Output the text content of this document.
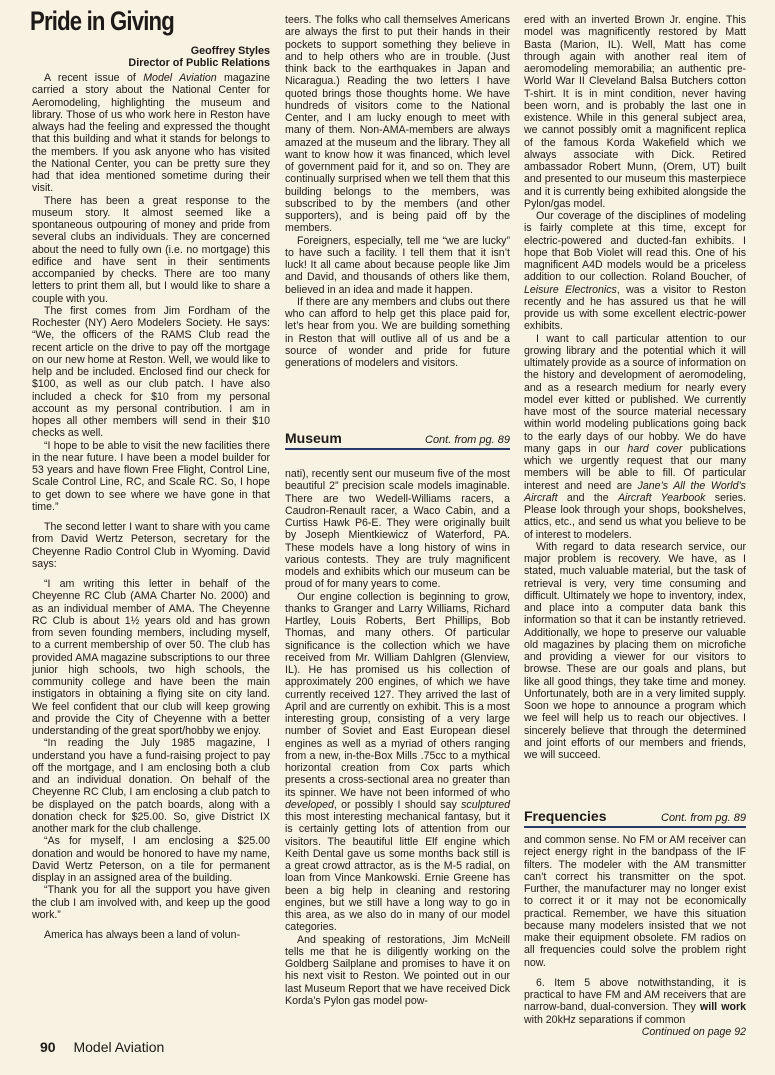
Pride in Giving
Geoffrey Styles
Director of Public Relations

A recent issue of Model Aviation magazine carried a story about the National Center for Aeromodeling, highlighting the museum and library. Those of us who work here in Reston have always had the feeling and expressed the thought that this building and what it stands for belongs to the members. If you ask anyone who has visited the National Center, you can be pretty sure they had that idea mentioned sometime during their visit.

There has been a great response to the museum story. It almost seemed like a spontaneous outpouring of money and pride from several clubs an individuals. They are concerned about the need to fully own (i.e. no mortgage) this edifice and have sent in their sentiments accompanied by checks. There are too many letters to print them all, but I would like to share a couple with you.

The first comes from Jim Fordham of the Rochester (NY) Aero Modelers Society. He says: “We, the officers of the RAMS Club read the recent article on the drive to pay off the mortgage on our new home at Reston. Well, we would like to help and be included. Enclosed find our check for $100, as well as our club patch. I have also included a check for $10 from my personal account as my personal contribution. I am in hopes all other members will send in their $10 checks as well.

“I hope to be able to visit the new facilities there in the near future. I have been a model builder for 53 years and have flown Free Flight, Control Line, Scale Control Line, RC, and Scale RC. So, I hope to get down to see where we have gone in that time.”

The second letter I want to share with you came from David Wertz Peterson, secretary for the Cheyenne Radio Control Club in Wyoming. David says:

“I am writing this letter in behalf of the Cheyenne RC Club (AMA Charter No. 2000) and as an individual member of AMA. The Cheyenne RC Club is about 1½ years old and has grown from seven founding members, including myself, to a current membership of over 50. The club has provided AMA magazine subscriptions to our three junior high schools, two high schools, the community college and have been the main instigators in obtaining a flying site on city land. We feel confident that our club will keep growing and provide the City of Cheyenne with a better understanding of the great sport/hobby we enjoy.

“In reading the July 1985 magazine, I understand you have a fund-raising project to pay off the mortgage, and I am enclosing both a club and an individual donation. On behalf of the Cheyenne RC Club, I am enclosing a club patch to be displayed on the patch boards, along with a donation check for $25.00. So, give District IX another mark for the club challenge.

“As for myself, I am enclosing a $25.00 donation and would be honored to have my name, David Wertz Peterson, on a tile for permanent display in an assigned area of the building.

“Thank you for all the support you have given the club I am involved with, and keep up the good work.”

America has always been a land of volun-

teers. The folks who call themselves Americans are always the first to put their hands in their pockets to support something they believe in and to help others who are in trouble. (Just think back to the earthquakes in Japan and Nicaragua.) Reading the two letters I have quoted brings those thoughts home. We have hundreds of visitors come to the National Center, and I am lucky enough to meet with many of them. Non-AMA-members are always amazed at the museum and the library. They all want to know how it was financed, which level of government paid for it, and so on. They are continually surprised when we tell them that this building belongs to the members, was subscribed to by the members (and other supporters), and is being paid off by the members.

Foreigners, especially, tell me “we are lucky” to have such a facility. I tell them that it isn’t luck! It all came about because people like Jim and David, and thousands of others like them, believed in an idea and made it happen.

If there are any members and clubs out there who can afford to help get this place paid for, let’s hear from you. We are building something in Reston that will outlive all of us and be a source of wonder and pride for future generations of modelers and visitors.

Museum	Cont. from pg. 89

nati), recently sent our museum five of the most beautiful 2” precision scale models imaginable. There are two Wedell-Williams racers, a Caudron-Renault racer, a Waco Cabin, and a Curtiss Hawk P6-E. They were originally built by Joseph Mientkiewicz of Waterford, PA. These models have a long history of wins in various contests. They are truly magnificent models and exhibits which our museum can be proud of for many years to come.

Our engine collection is beginning to grow, thanks to Granger and Larry Williams, Richard Hartley, Louis Roberts, Bert Phillips, Bob Thomas, and many others. Of particular significance is the collection which we have received from Mr. William Dahlgren (Glenview, IL). He has promised us his collection of approximately 200 engines, of which we have currently received 127. They arrived the last of April and are currently on exhibit. This is a most interesting group, consisting of a very large number of Soviet and East European diesel engines as well as a myriad of others ranging from a new, in-the-Box Mills .75cc to a mythical horizontal creation from Cox parts which presents a cross-sectional area no greater than its spinner. We have not been informed of who developed, or possibly I should say sculptured this most interesting mechanical fantasy, but it is certainly getting lots of attention from our visitors. The beautiful little Elf engine which Keith Dental gave us some months back still is a great crowd attractor, as is the M-5 radial, on loan from Vince Mankowski. Ernie Greene has been a big help in cleaning and restoring engines, but we still have a long way to go in this area, as we also do in many of our model categories.

And speaking of restorations, Jim McNeill tells me that he is diligently working on the Goldberg Sailplane and promises to have it on his next visit to Reston. We pointed out in our last Museum Report that we have received Dick Korda’s Pylon gas model pow-

ered with an inverted Brown Jr. engine. This model was magnificently restored by Matt Basta (Marion, IL). Well, Matt has come through again with another real item of aeromodeling memorabilia; an authentic pre-World War II Cleveland Balsa Butchers cotton T-shirt. It is in mint condition, never having been worn, and is probably the last one in existence. While in this general subject area, we cannot possibly omit a magnificent replica of the famous Korda Wakefield which we always associate with Dick. Retired ambassador Robert Munn, (Orem, UT) built and presented to our museum this masterpiece and it is currently being exhibited alongside the Pylon/gas model.

Our coverage of the disciplines of modeling is fairly complete at this time, except for electric-powered and ducted-fan exhibits. I hope that Bob Violet will read this. One of his magnificent A4D models would be a priceless addition to our collection. Roland Boucher, of Leisure Electronics, was a visitor to Reston recently and he has assured us that he will provide us with some excellent electric-power exhibits.

I want to call particular attention to our growing library and the potential which it will ultimately provide as a source of information on the history and development of aeromodeling, and as a research medium for nearly every model ever kitted or published. We currently have most of the source material necessary within world modeling publications going back to the early days of our hobby. We do have many gaps in our hard cover publications which we urgently request that our many members will be able to fill. Of particular interest and need are Jane’s All the World’s Aircraft and the Aircraft Yearbook series. Please look through your shops, bookshelves, attics, etc., and send us what you believe to be of interest to modelers.

With regard to data research service, our major problem is recovery. We have, as I stated, much valuable material, but the task of retrieval is very, very time consuming and difficult. Ultimately we hope to inventory, index, and place into a computer data bank this information so that it can be instantly retrieved. Additionally, we hope to preserve our valuable old magazines by placing them on microfiche and providing a viewer for our visitors to browse. These are our goals and plans, but like all good things, they take time and money. Unfortunately, both are in a very limited supply. Soon we hope to announce a program which we feel will help us to reach our objectives. I sincerely believe that through the determined and joint efforts of our members and friends, we will succeed.

Frequencies	Cont. from pg. 89

and common sense. No FM or AM receiver can reject energy right in the bandpass of the IF filters. The modeler with the AM transmitter can’t correct his transmitter on the spot. Further, the manufacturer may no longer exist to correct it or it may not be economically practical. Remember, we have this situation because many modelers insisted that we not make their equipment obsolete. FM radios on all frequencies could solve the problem right now.

6. Item 5 above notwithstanding, it is practical to have FM and AM receivers that are narrow-band, dual-conversion. They will work with 20kHz separations if common

Continued on page 92
90 Model Aviation
